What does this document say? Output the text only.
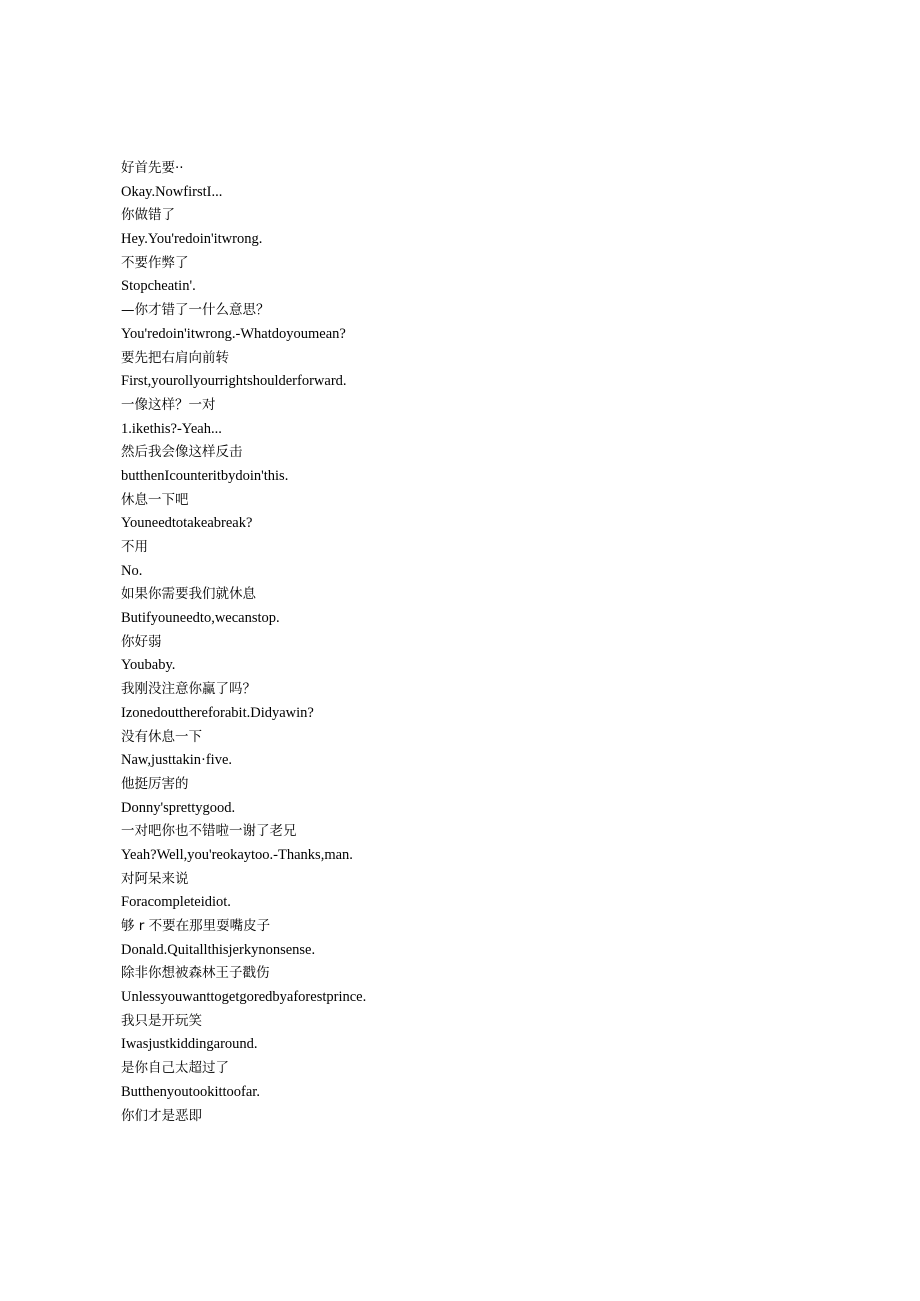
好首先要··
Okay.NowfirstI...
你做错了
Hey.You'redoin'itwrong.
不要作弊了
Stopcheatin'.
—你才错了一什么意思？
You'redoin'itwrong.-Whatdoyoumean?
要先把右肩向前转
First,yourollyourrightshoulderforward.
一像这样？一对
1.ikethis?-Yeah...
然后我会像这样反击
butthenIcounteritbydoin'this.
休息一下吧
Youneedtotakeabreak?
不用
No.
如果你需要我们就休息
Butifyouneedto,wecanstop.
你好弱
Youbaby.
我刚没注意你赢了吗？
Izonedoutthereforabit.Didyawin?
没有休息一下
Naw,justtakin·five.
他挺厉害的
Donny'sprettygood.
一对吧你也不错啦一谢了老兄
Yeah?Well,you'reokaytoo.-Thanks,man.
对阿呆来说
Foracompleteidiot.
够 r 不要在那里耍嘴皮子
Donald.Quitallthisjerkynonsense.
除非你想被森林王子戳伤
Unlessyouwanttogetgoredbyaforestprince.
我只是开玩笑
Iwasjustkiddingaround.
是你自己太超过了
Butthenyoutookittoofar.
你们才是恶即
